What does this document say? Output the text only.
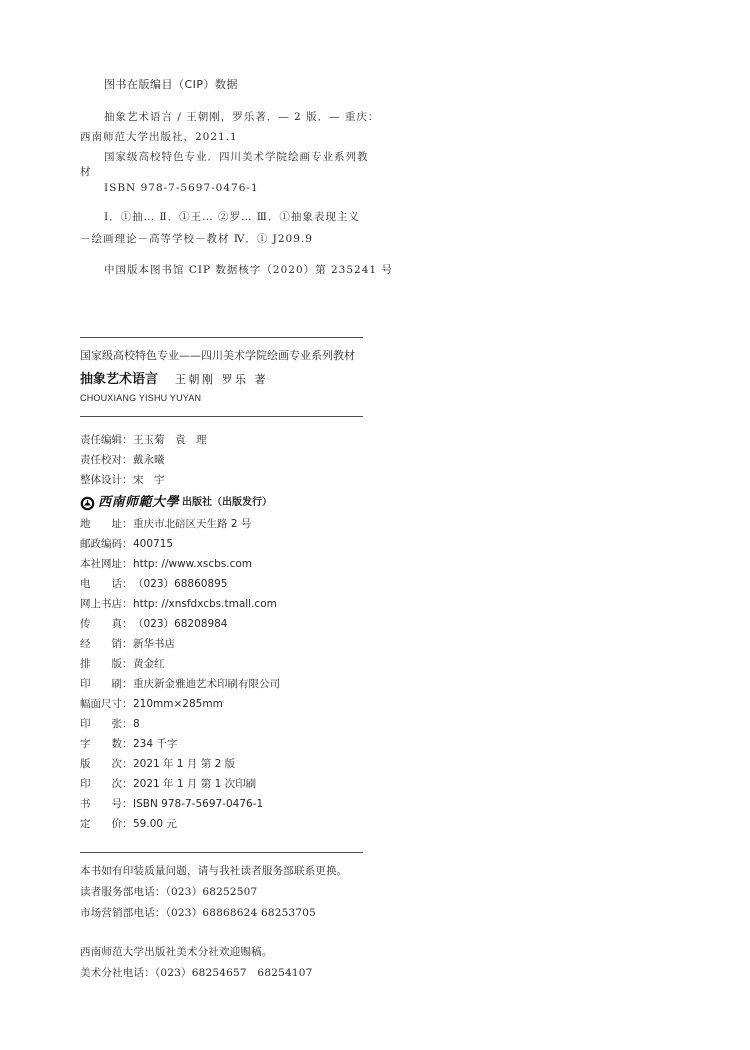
图书在版编目（CIP）数据
抽象艺术语言 / 王朝刚，罗乐著．— 2 版．— 重庆：
西南师范大学出版社，2021.1
国家级高校特色专业．四川美术学院绘画专业系列教
材
ISBN 978-7-5697-0476-1
Ⅰ．①抽… Ⅱ．①王… ②罗… Ⅲ．①抽象表现主义
－绘画理论－高等学校－教材 Ⅳ．① J209.9
中国版本图书馆 CIP 数据核字（2020）第 235241 号
国家级高校特色专业——四川美术学院绘画专业系列教材
抽象艺术语言 王朝刚 罗乐 著
CHOUXIANG YISHU YUYAN
责任编辑：王玉菊　袁　理
责任校对：戴永曦
整体设计：宋　宇
西南师範大學 出版社（出版发行）
地　　址：重庆市北碚区天生路 2 号
邮政编码：400715
本社网址：http: //www.xscbs.com
电　　话：（023）68860895
网上书店：http: //xnsfdxcbs.tmall.com
传　　真：（023）68208984
经　　销：新华书店
排　　版：黄金红
印　　刷：重庆新金雅迪艺术印刷有限公司
幅面尺寸：210mm×285mm
印　　张：8
字　　数：234 千字
版　　次：2021 年 1 月 第 2 版
印　　次：2021 年 1 月 第 1 次印刷
书　　号：ISBN 978-7-5697-0476-1
定　　价：59.00 元
本书如有印装质量问题，请与我社读者服务部联系更换。
读者服务部电话：（023）68252507
市场营销部电话：（023）68868624 68253705
西南师范大学出版社美术分社欢迎赐稿。
美术分社电话：（023）68254657　68254107
